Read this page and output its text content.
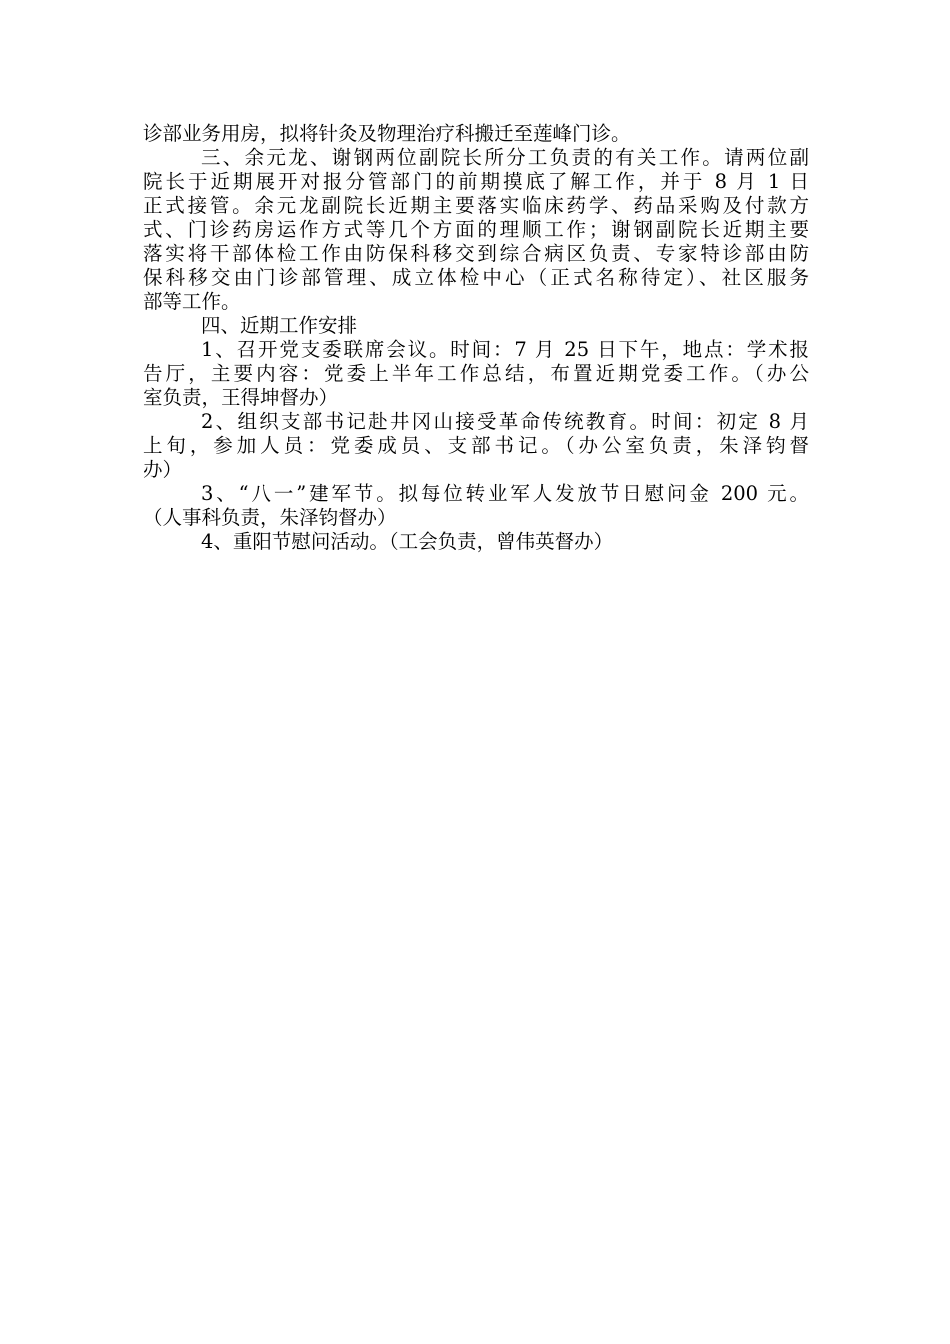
诊部业务用房，拟将针灸及物理治疗科搬迁至莲峰门诊。
三、余元龙、谢钢两位副院长所分工负责的有关工作。请两位副
院长于近期展开对报分管部门的前期摸底了解工作，并于 8 月 1 日
正式接管。余元龙副院长近期主要落实临床药学、药品采购及付款方
式、门诊药房运作方式等几个方面的理顺工作；谢钢副院长近期主要
落实将干部体检工作由防保科移交到综合病区负责、专家特诊部由防
保科移交由门诊部管理、成立体检中心（正式名称待定）、社区服务
部等工作。
四、近期工作安排
1、召开党支委联席会议。时间：7 月 25 日下午，地点：学术报
告厅，主要内容：党委上半年工作总结，布置近期党委工作。（办公
室负责，王得坤督办）
2、组织支部书记赴井冈山接受革命传统教育。时间：初定 8 月
上旬，参加人员：党委成员、支部书记。（办公室负责，朱泽钧督
办）
3、“八一”建军节。拟每位转业军人发放节日慰问金 200 元。
（人事科负责，朱泽钧督办）
4、重阳节慰问活动。（工会负责，曾伟英督办）
